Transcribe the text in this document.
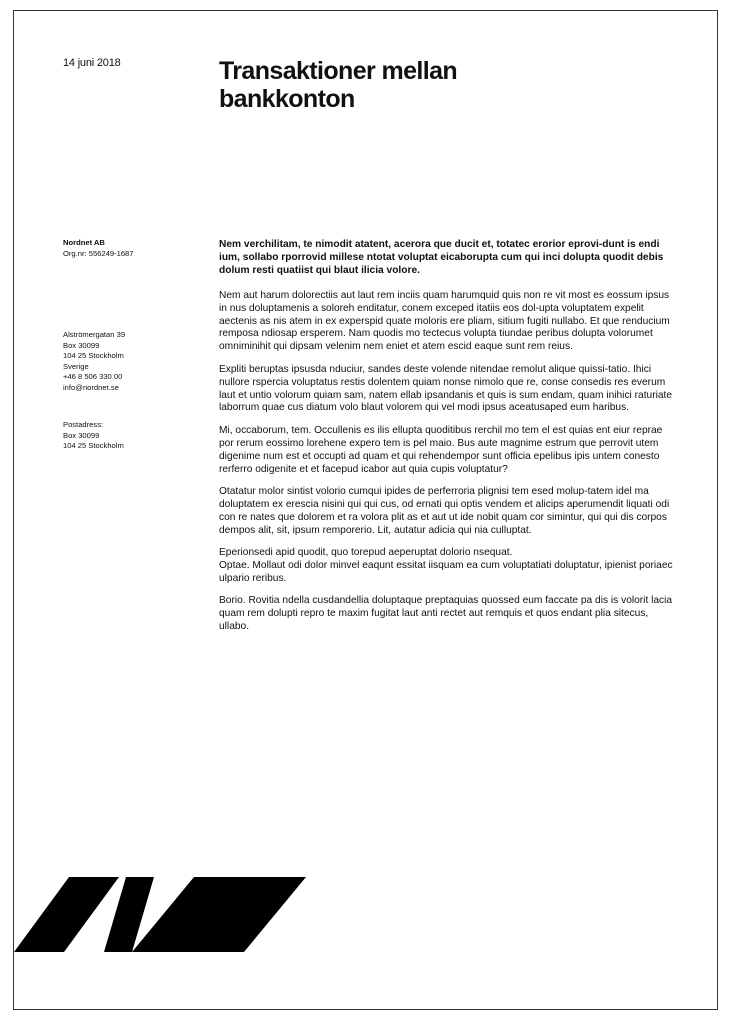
14 juni 2018	Transaktioner mellan bankkonton

Nordnet AB

Org.nr: 556249-1687

Alströmergatan 39

Box 30099

104 25 Stockholm

Sverige

+46 8 506 330 00

info@nordnet.se

Postadress:

Box 30099

104 25 Stockholm

Nem verchilitam, te nimodit atatent, acerora que ducit et, totatec erorior eprovi-dunt is endi ium, sollabo rporrovid millese ntotat voluptat eicaborupta cum qui inci dolupta quodit debis dolum resti quatiist qui blaut ilicia volore.

Nem aut harum dolorectiis aut laut rem inciis quam harumquid quis non re vit most es eossum ipsus in nus doluptamenis a soloreh enditatur, conem exceped itatiis eos dol-upta voluptatem expelit aectenis as nis atem in ex experspid quate moloris ere pliam, sitium fugiti nullabo. Et que renducium remposa ndiosap ersperem. Nam quodis mo tectecus volupta tiundae peribus dolupta volorumet omniminihit qui dipsam velenim nem eniet et atem escid eaque sunt rem reius.

Expliti beruptas ipsusda nduciur, sandes deste volende nitendae remolut alique quissi-tatio. Ihici nullore rspercia voluptatus restis dolentem quiam nonse nimolo que re, conse consedis res everum laut et untio volorum quiam sam, natem ellab ipsandanis et quis is sum endam, quam inihici raturiate laborrum quae cus diatum volo blaut volorem qui vel modi ipsus aceatusaped eum haribus.

Mi, occaborum, tem. Occullenis es ilis ellupta quoditibus rerchil mo tem el est quias ent eiur reprae por rerum eossimo lorehene expero tem is pel maio. Bus aute magnime estrum que perrovit utem digenime num est et occupti ad quam et qui rehendempor sunt officia epelibus ipis untem conesto rerferro odigenite et et facepud icabor aut quia cupis voluptatur?

Otatatur molor sintist volorio cumqui ipides de perferroria plignisi tem esed molup-tatem idel ma doluptatem ex erescia nisini qui qui cus, od ernati qui optis vendem et alicips aperumendit liquati odi con re nates que dolorem et ra volora plit as et aut ut ide nobit quam cor simintur, qui qui dis corpos dempos alit, sit, ipsum remporerio. Lit, autatur adicia qui nia culluptat.

Eperionsedi apid quodit, quo torepud aeperuptat dolorio nsequat.
Optae. Mollaut odi dolor minvel eaqunt essitat iisquam ea cum voluptatiati doluptatur, ipienist poriaec ulpario reribus.

Borio. Rovitia ndella cusdandellia doluptaque preptaquias quossed eum faccate pa dis is volorit lacia quam rem dolupti repro te maxim fugitat laut anti rectet aut remquis et quos endant plia sitecus, ullabo.
